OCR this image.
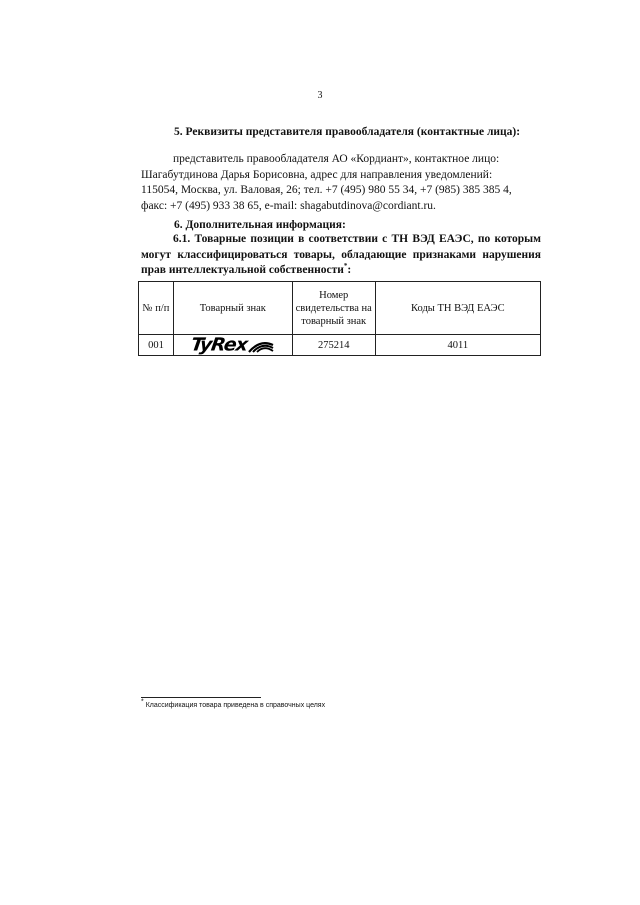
3
5. Реквизиты представителя правообладателя (контактные лица):
представитель правообладателя АО «Кордиант», контактное лицо:
Шагабутдинова Дарья Борисовна, адрес для направления уведомлений:
115054, Москва, ул. Валовая, 26; тел. +7 (495) 980 55 34, +7 (985) 385 385 4,
факс: +7 (495) 933 38 65, e-mail: shagabutdinova@cordiant.ru.
6. Дополнительная информация:
6.1. Товарные позиции в соответствии с ТН ВЭД ЕАЭС, по которым могут классифицироваться товары, обладающие признаками нарушения прав интеллектуальной собственности*:
№ п/п	Товарный знак	Номер свидетельства на товарный знак	Коды ТН ВЭД ЕАЭС
001	TyRex	275214	4011
* Классификация товара приведена в справочных целях
